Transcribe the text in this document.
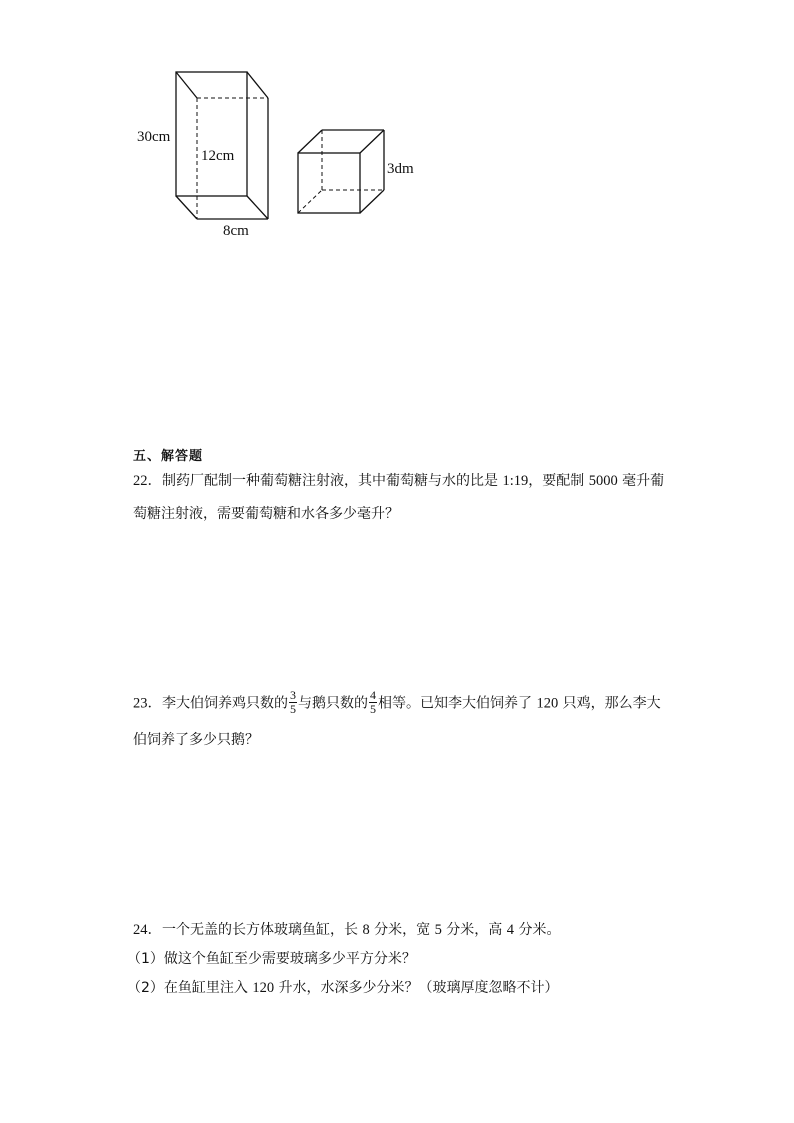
30cm
12cm
8cm
3dm
五、解答题
22．制药厂配制一种葡萄糖注射液，其中葡萄糖与水的比是 1:19，要配制 5000 毫升葡
萄糖注射液，需要葡萄糖和水各多少毫升？
23．李大伯饲养鸡只数的 $\frac{3}{5}$ 与鹅只数的 $\frac{4}{5}$ 相等。已知李大伯饲养了 120 只鸡，那么李大
伯饲养了多少只鹅？
24．一个无盖的长方体玻璃鱼缸，长 8 分米，宽 5 分米，高 4 分米。
（1）做这个鱼缸至少需要玻璃多少平方分米？
（2）在鱼缸里注入 120 升水，水深多少分米？（玻璃厚度忽略不计）
